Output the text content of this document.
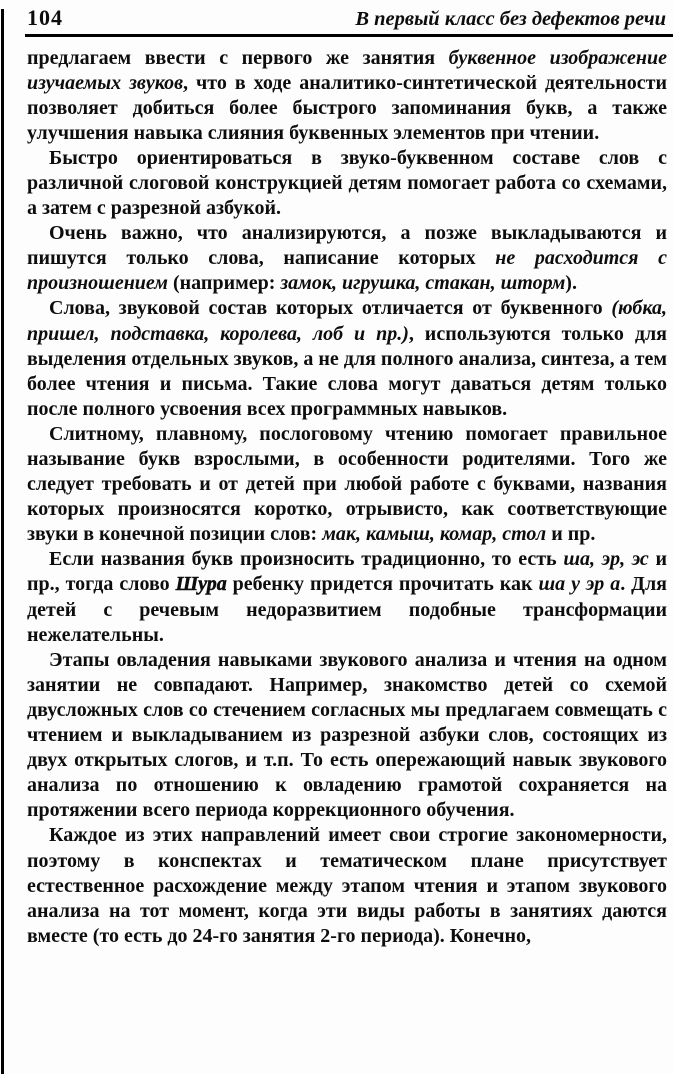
104	В первый класс без дефектов речи

предлагаем ввести с первого же занятия буквенное изображение изучаемых звуков, что в ходе аналитико-синтетической деятельности позволяет добиться более быстрого запоминания букв, а также улучшения навыка слияния буквенных элементов при чтении.

Быстро ориентироваться в звуко-буквенном составе слов с различной слоговой конструкцией детям помогает работа со схемами, а затем с разрезной азбукой.

Очень важно, что анализируются, а позже выкладываются и пишутся только слова, написание которых не расходится с произношением (например: замок, игрушка, стакан, шторм).

Слова, звуковой состав которых отличается от буквенного (юбка, пришел, подставка, королева, лоб и пр.), используются только для выделения отдельных звуков, а не для полного анализа, синтеза, а тем более чтения и письма. Такие слова могут даваться детям только после полного усвоения всех программных навыков.

Слитному, плавному, послоговому чтению помогает правильное называние букв взрослыми, в особенности родителями. Того же следует требовать и от детей при любой работе с буквами, названия которых произносятся коротко, отрывисто, как соответствующие звуки в конечной позиции слов: мак, камыш, комар, стол и пр.

Если названия букв произносить традиционно, то есть ша, эр, эс и пр., тогда слово Шура ребенку придется прочитать как ша у эр а. Для детей с речевым недоразвитием подобные трансформации нежелательны.

Этапы овладения навыками звукового анализа и чтения на одном занятии не совпадают. Например, знакомство детей со схемой двусложных слов со стечением согласных мы предлагаем совмещать с чтением и выкладыванием из разрезной азбуки слов, состоящих из двух открытых слогов, и т.п. То есть опережающий навык звукового анализа по отношению к овладению грамотой сохраняется на протяжении всего периода коррекционного обучения.

Каждое из этих направлений имеет свои строгие закономерности, поэтому в конспектах и тематическом плане присутствует естественное расхождение между этапом чтения и этапом звукового анализа на тот момент, когда эти виды работы в занятиях даются вместе (то есть до 24-го занятия 2-го периода). Конечно,
